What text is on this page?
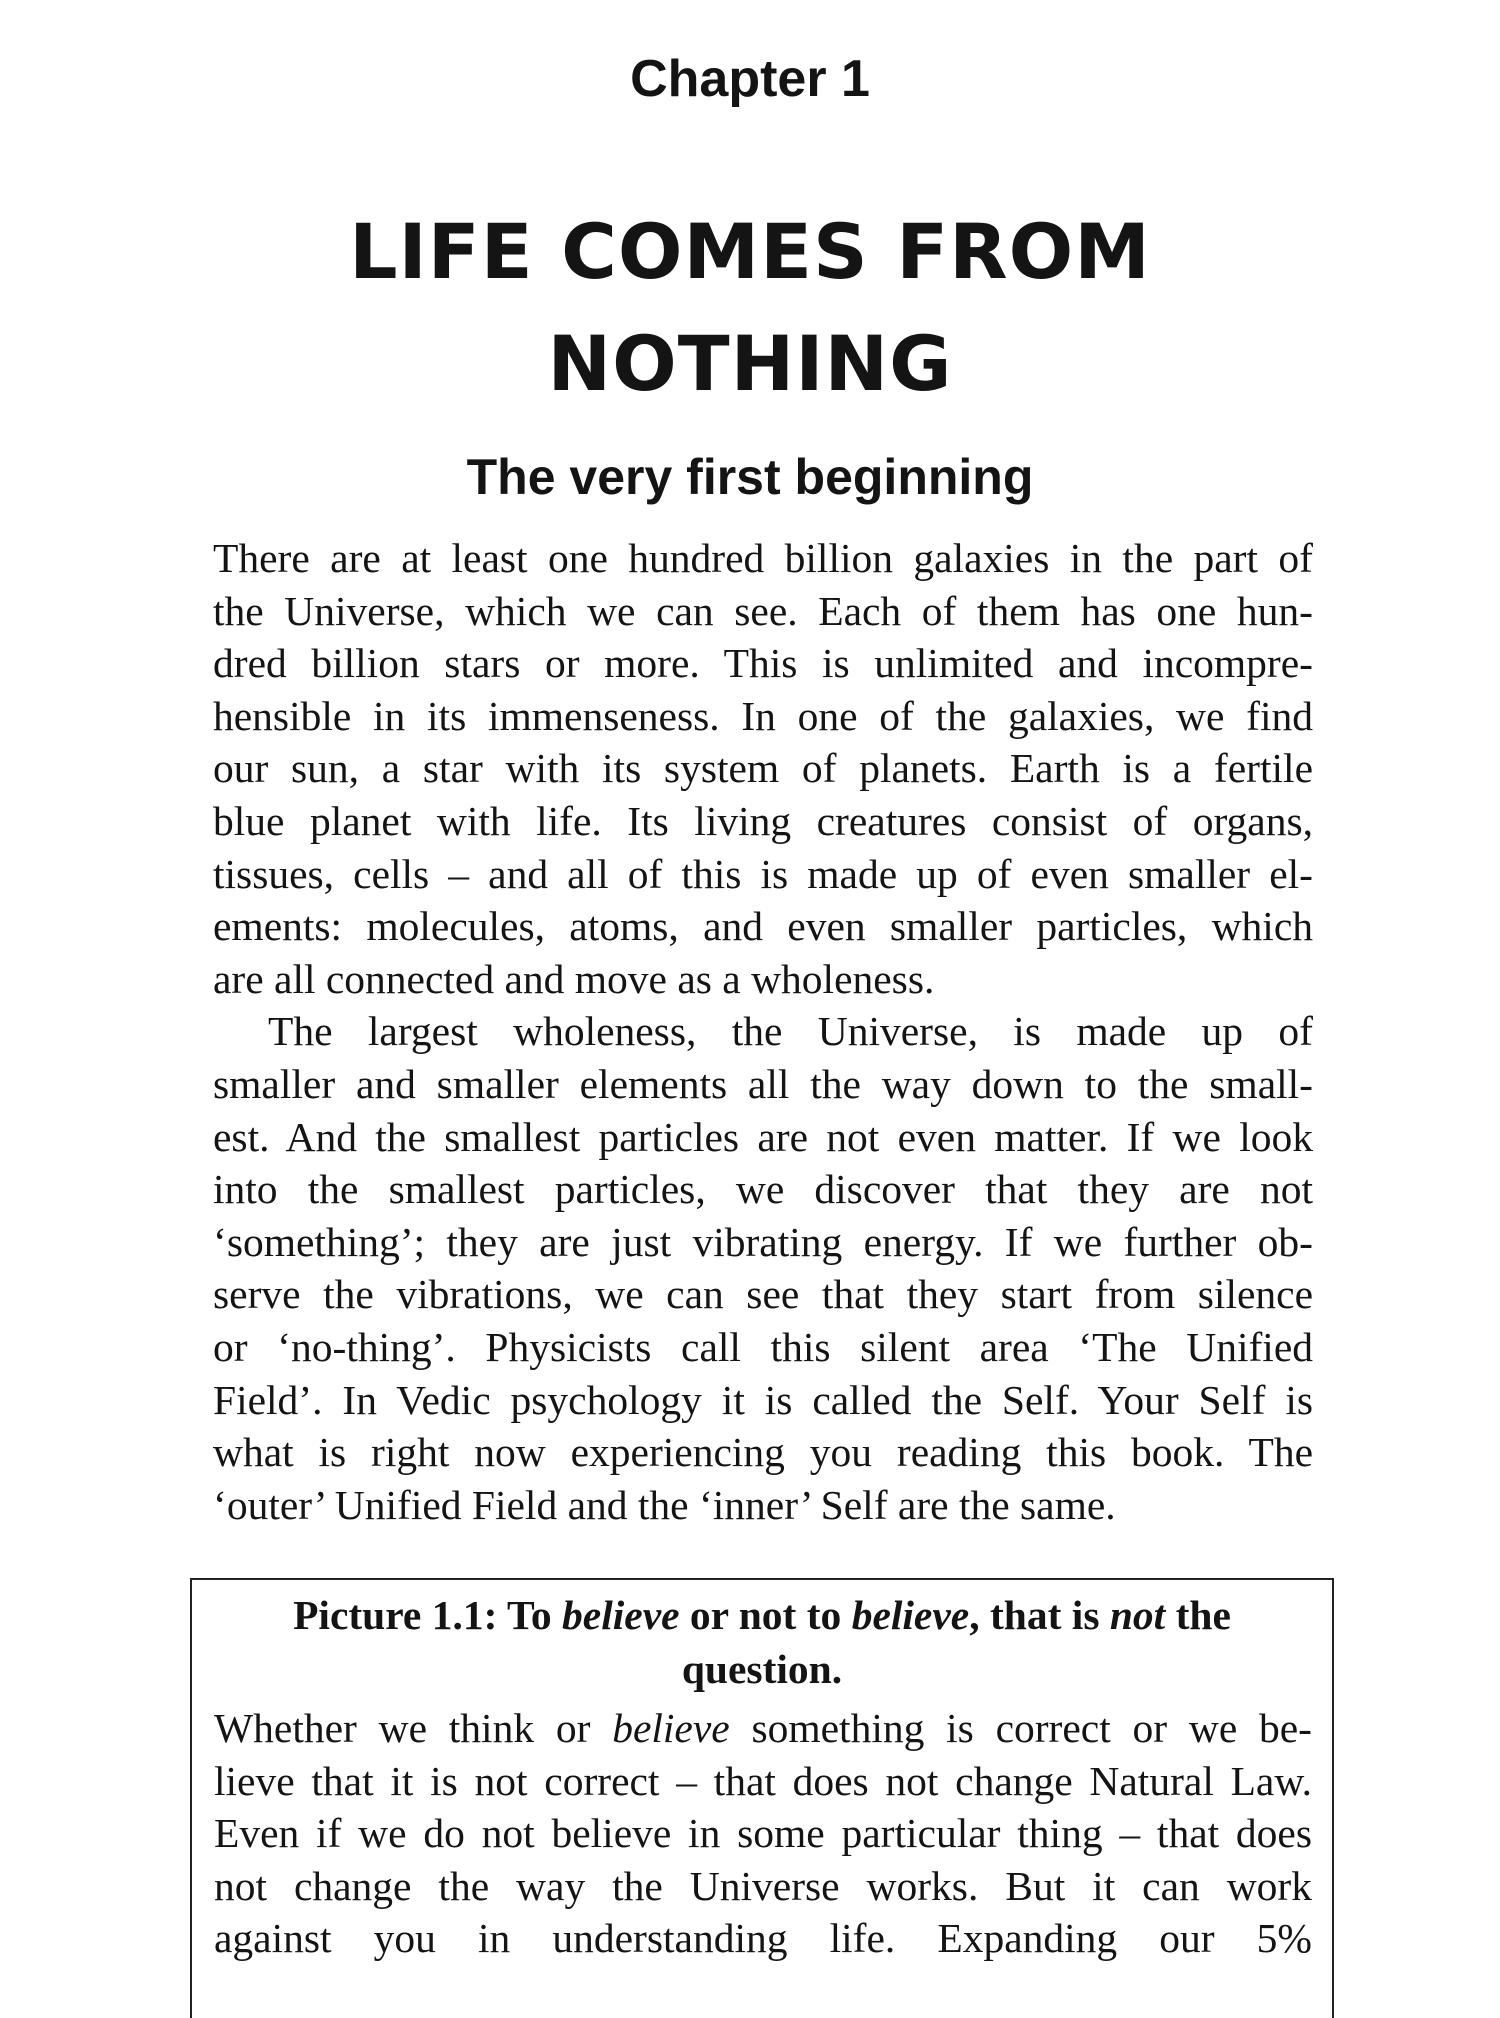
Chapter 1
LIFE COMES FROM
NOTHING
The very first beginning
There are at least one hundred billion galaxies in the part of
the Universe, which we can see. Each of them has one hun-
dred billion stars or more. This is unlimited and incompre-
hensible in its immenseness. In one of the galaxies, we find
our sun, a star with its system of planets. Earth is a fertile
blue planet with life. Its living creatures consist of organs,
tissues, cells – and all of this is made up of even smaller el-
ements: molecules, atoms, and even smaller particles, which
are all connected and move as a wholeness.
The largest wholeness, the Universe, is made up of
smaller and smaller elements all the way down to the small-
est. And the smallest particles are not even matter. If we look
into the smallest particles, we discover that they are not
‘something’; they are just vibrating energy. If we further ob-
serve the vibrations, we can see that they start from silence
or ‘no-thing’. Physicists call this silent area ‘The Unified
Field’. In Vedic psychology it is called the Self. Your Self is
what is right now experiencing you reading this book. The
‘outer’ Unified Field and the ‘inner’ Self are the same.
Picture 1.1: To believe or not to believe, that is not the
question.
Whether we think or believe something is correct or we be-
lieve that it is not correct – that does not change Natural Law.
Even if we do not believe in some particular thing – that does
not change the way the Universe works. But it can work
against you in understanding life. Expanding our 5%
